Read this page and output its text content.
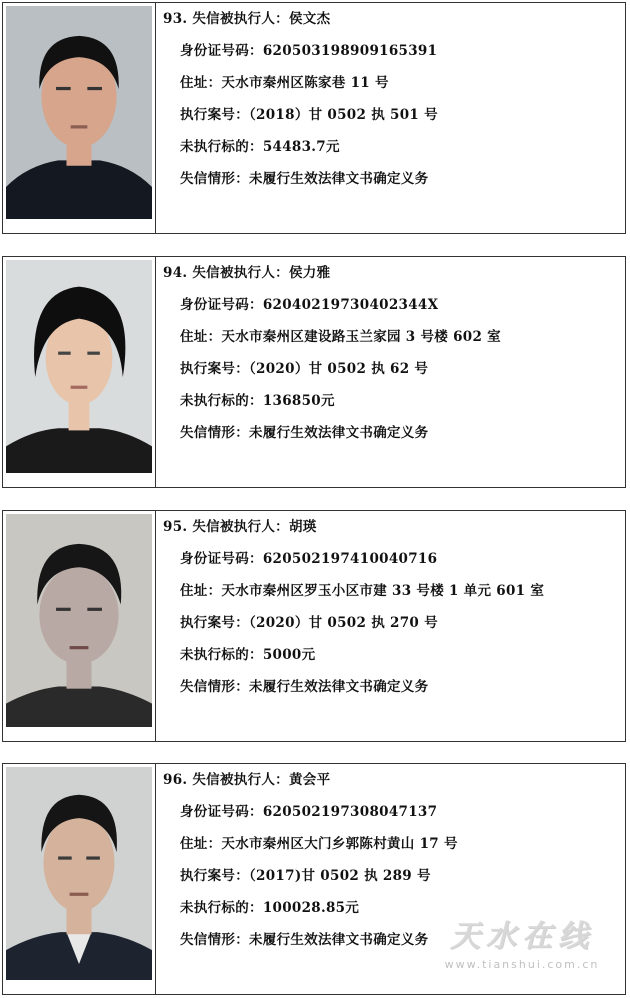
93. 失信被执行人：侯文杰
身份证号码：620503198909165391
住址：天水市秦州区陈家巷 11 号
执行案号：（2018）甘 0502 执 501 号
未执行标的：54483.7元
失信情形：未履行生效法律文书确定义务
94. 失信被执行人：侯力雅
身份证号码：62040219730402344X
住址：天水市秦州区建设路玉兰家园 3 号楼 602 室
执行案号：（2020）甘 0502 执 62 号
未执行标的：136850元
失信情形：未履行生效法律文书确定义务
95. 失信被执行人：胡瑛
身份证号码：620502197410040716
住址：天水市秦州区罗玉小区市建 33 号楼 1 单元 601 室
执行案号：（2020）甘 0502 执 270 号
未执行标的：5000元
失信情形：未履行生效法律文书确定义务
96. 失信被执行人：黄会平
身份证号码：620502197308047137
住址：天水市秦州区大门乡郭陈村黄山 17 号
执行案号：（2017)甘 0502 执 289 号
未执行标的：100028.85元
失信情形：未履行生效法律文书确定义务 天水在线
www.tianshui.com.cn
